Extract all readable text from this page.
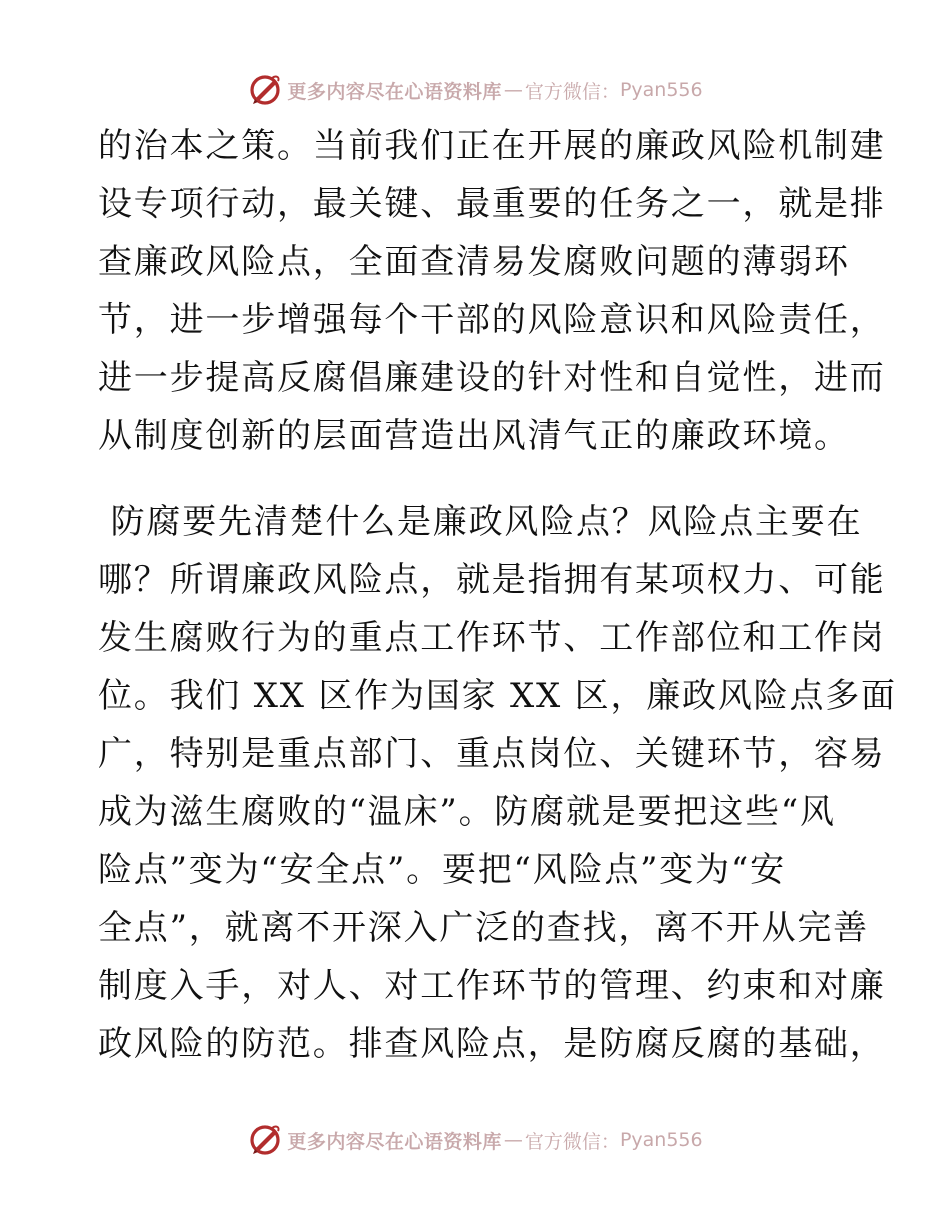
更多内容尽在心语资料库 — 官方微信： Pyan556
的治本之策。当前我们正在开展的廉政风险机制建
设专项行动，最关键、最重要的任务之一，就是排
查廉政风险点，全面查清易发腐败问题的薄弱环
节，进一步增强每个干部的风险意识和风险责任，
进一步提高反腐倡廉建设的针对性和自觉性，进而
从制度创新的层面营造出风清气正的廉政环境。
防腐要先清楚什么是廉政风险点？风险点主要在
哪？所谓廉政风险点，就是指拥有某项权力、可能
发生腐败行为的重点工作环节、工作部位和工作岗
位。我们 XX 区作为国家 XX 区，廉政风险点多面
广，特别是重点部门、重点岗位、关键环节，容易
成为滋生腐败的“温床”。防腐就是要把这些“风
险点”变为“安全点”。要把“风险点”变为“安
全点”，就离不开深入广泛的查找，离不开从完善
制度入手，对人、对工作环节的管理、约束和对廉
政风险的防范。排查风险点，是防腐反腐的基础，
更多内容尽在心语资料库 — 官方微信： Pyan556
